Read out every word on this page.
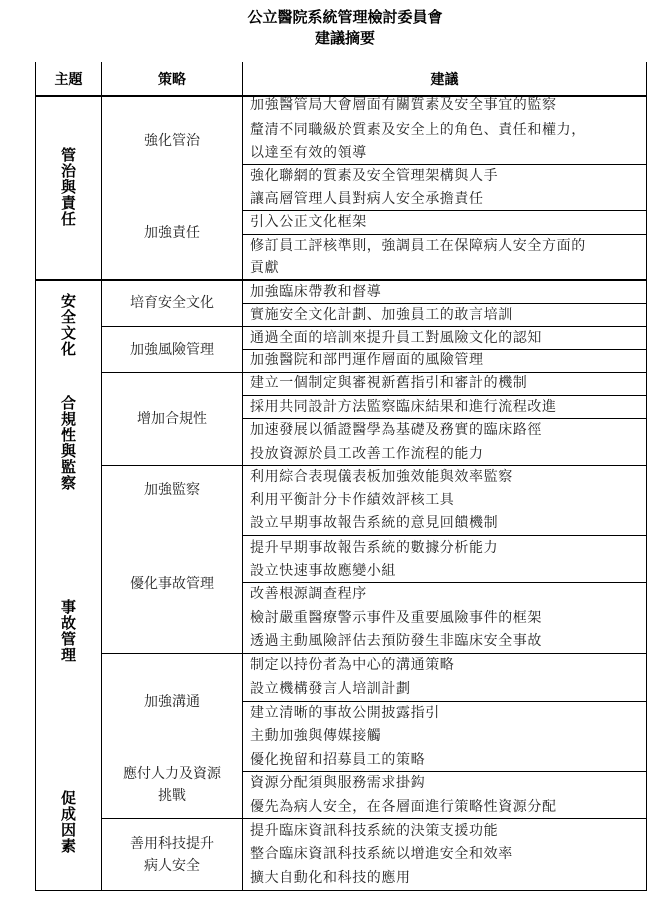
公立醫院系統管理檢討委員會
建議摘要
主題	策略	建議
管
治
與
責
任
安
全
文
化
合
規
性
與
監
察
事
故
管
理
促
成
因
素
強化管治
加強責任
培育安全文化
加強風險管理
增加合規性
加強監察
優化事故管理
加強溝通
應付人力及資源
挑戰
善用科技提升
病人安全
加強醫管局大會層面有關質素及安全事宜的監察
釐清不同職級於質素及安全上的角色、責任和權力，
以達至有效的領導
強化聯網的質素及安全管理架構與人手
讓高層管理人員對病人安全承擔責任
引入公正文化框架
修訂員工評核準則，強調員工在保障病人安全方面的
貢獻
加強臨床帶教和督導
實施安全文化計劃、加強員工的敢言培訓
通過全面的培訓來提升員工對風險文化的認知
加強醫院和部門運作層面的風險管理
建立一個制定與審視新舊指引和審計的機制
採用共同設計方法監察臨床結果和進行流程改進
加速發展以循證醫學為基礎及務實的臨床路徑
投放資源於員工改善工作流程的能力
利用綜合表現儀表板加強效能與效率監察
利用平衡計分卡作績效評核工具
設立早期事故報告系統的意見回饋機制
提升早期事故報告系統的數據分析能力
設立快速事故應變小組
改善根源調查程序
檢討嚴重醫療警示事件及重要風險事件的框架
透過主動風險評估去預防發生非臨床安全事故
制定以持份者為中心的溝通策略
設立機構發言人培訓計劃
建立清晰的事故公開披露指引
主動加強與傳媒接觸
優化挽留和招募員工的策略
資源分配須與服務需求掛鈎
優先為病人安全，在各層面進行策略性資源分配
提升臨床資訊科技系統的決策支援功能
整合臨床資訊科技系統以增進安全和效率
擴大自動化和科技的應用
